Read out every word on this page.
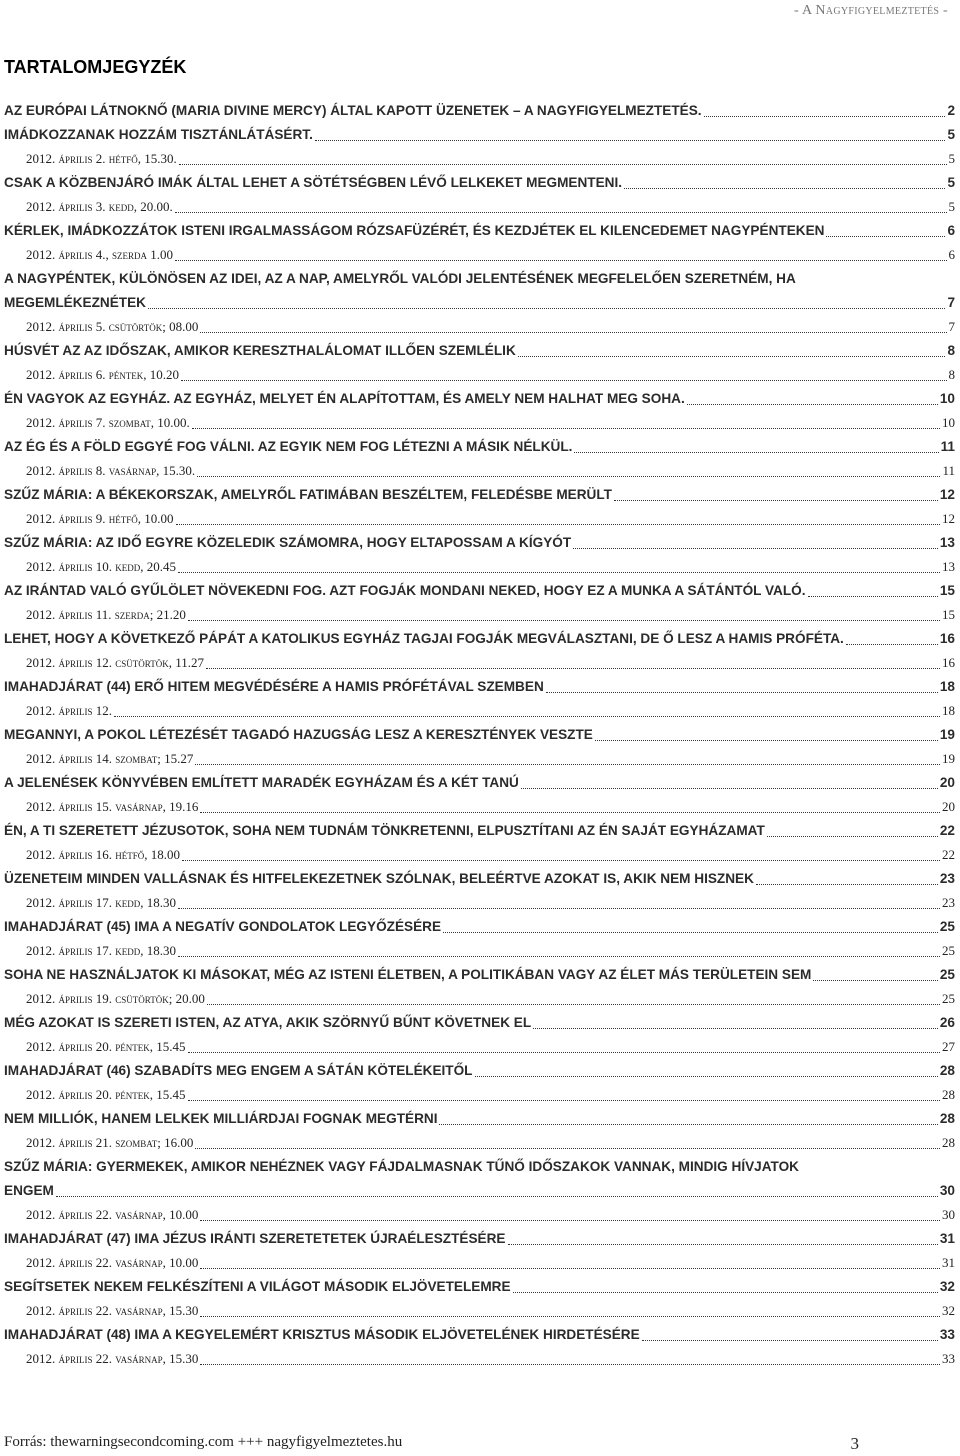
- A Nagyfigyelmeztetés -
TARTALOMJEGYZÉK
AZ EURÓPAI LÁTNOKNŐ (MARIA DIVINE MERCY) ÁLTAL KAPOTT ÜZENETEK – A NAGYFIGYELMEZTETÉS.	2
IMÁDKOZZANAK HOZZÁM TISZTÁNLÁTÁSÉRT.	5
2012. április 2. hétfő, 15.30.	5
CSAK A KÖZBENJÁRÓ IMÁK ÁLTAL LEHET A SÖTÉTSÉGBEN LÉVŐ LELKEKET MEGMENTENI.	5
2012. április 3. kedd, 20.00.	5
KÉRLEK, IMÁDKOZZÁTOK ISTENI IRGALMASSÁGOM RÓZSAFÜZÉRÉT, ÉS KEZDJÉTEK EL KILENCEDEMET NAGYPÉNTEKEN	6
2012. április 4., szerda 1.00	6
A NAGYPÉNTEK, KÜLÖNÖSEN AZ IDEI, AZ A NAP, AMELYRŐL VALÓDI JELENTÉSÉNEK MEGFELELŐEN SZERETNÉM, HA
MEGEMLÉKEZNÉTEK	7
2012. április 5. csütörtök; 08.00	7
HÚSVÉT AZ AZ IDŐSZAK, AMIKOR KERESZTHALÁLOMAT ILLŐEN SZEMLÉLIK	8
2012. április 6. péntek, 10.20	8
ÉN VAGYOK AZ EGYHÁZ. AZ EGYHÁZ, MELYET ÉN ALAPÍTOTTAM, ÉS AMELY NEM HALHAT MEG SOHA.	10
2012. április 7. szombat, 10.00.	10
AZ ÉG ÉS A FÖLD EGGYÉ FOG VÁLNI. AZ EGYIK NEM FOG LÉTEZNI A MÁSIK NÉLKÜL.	11
2012. április 8. vasárnap, 15.30.	11
SZŰZ MÁRIA: A BÉKEKORSZAK, AMELYRŐL FATIMÁBAN BESZÉLTEM, FELEDÉSBE MERÜLT	12
2012. április 9. hétfő, 10.00	12
SZŰZ MÁRIA: AZ IDŐ EGYRE KÖZELEDIK SZÁMOMRA, HOGY ELTAPOSSAM A KÍGYÓT	13
2012. április 10. kedd, 20.45	13
AZ IRÁNTAD VALÓ GYŰLÖLET NÖVEKEDNI FOG. AZT FOGJÁK MONDANI NEKED, HOGY EZ A MUNKA A SÁTÁNTÓL VALÓ.	15
2012. április 11. szerda; 21.20	15
LEHET, HOGY A KÖVETKEZŐ PÁPÁT A KATOLIKUS EGYHÁZ TAGJAI FOGJÁK MEGVÁLASZTANI, DE Ő LESZ A HAMIS PRÓFÉTA.	16
2012. április 12. csütörtök, 11.27	16
IMAHADJÁRAT (44) ERŐ HITEM MEGVÉDÉSÉRE A HAMIS PRÓFÉTÁVAL SZEMBEN	18
2012. április 12.	18
MEGANNYI, A POKOL LÉTEZÉSÉT TAGADÓ HAZUGSÁG LESZ A KERESZTÉNYEK VESZTE	19
2012. április 14. szombat; 15.27	19
A JELENÉSEK KÖNYVÉBEN EMLÍTETT MARADÉK EGYHÁZAM ÉS A KÉT TANÚ	20
2012. április 15. vasárnap, 19.16	20
ÉN, A TI SZERETETT JÉZUSOTOK, SOHA NEM TUDNÁM TÖNKRETENNI, ELPUSZTÍTANI AZ ÉN SAJÁT EGYHÁZAMAT	22
2012. április 16. hétfő, 18.00	22
ÜZENETEIM MINDEN VALLÁSNAK ÉS HITFELEKEZETNEK SZÓLNAK, BELEÉRTVE AZOKAT IS, AKIK NEM HISZNEK	23
2012. április 17. kedd, 18.30	23
IMAHADJÁRAT (45) IMA A NEGATÍV GONDOLATOK LEGYŐZÉSÉRE	25
2012. április 17. kedd, 18.30	25
SOHA NE HASZNÁLJATOK KI MÁSOKAT, MÉG AZ ISTENI ÉLETBEN, A POLITIKÁBAN VAGY AZ ÉLET MÁS TERÜLETEIN SEM	25
2012. április 19. csütörtök; 20.00	25
MÉG AZOKAT IS SZERETI ISTEN, AZ ATYA, AKIK SZÖRNYŰ BŰNT KÖVETNEK EL	26
2012. április 20. péntek, 15.45	27
IMAHADJÁRAT (46) SZABADÍTS MEG ENGEM A SÁTÁN KÖTELÉKEITŐL	28
2012. április 20. péntek, 15.45	28
NEM MILLIÓK, HANEM LELKEK MILLIÁRDJAI FOGNAK MEGTÉRNI	28
2012. április 21. szombat; 16.00	28
SZŰZ MÁRIA: GYERMEKEK, AMIKOR NEHÉZNEK VAGY FÁJDALMASNAK TŰNŐ IDŐSZAKOK VANNAK, MINDIG HÍVJATOK
ENGEM	30
2012. április 22. vasárnap, 10.00	30
IMAHADJÁRAT (47) IMA JÉZUS IRÁNTI SZERETETETEK ÚJRAÉLESZTÉSÉRE	31
2012. április 22. vasárnap, 10.00	31
SEGÍTSETEK NEKEM FELKÉSZÍTENI A VILÁGOT MÁSODIK ELJÖVETELEMRE	32
2012. április 22. vasárnap, 15.30	32
IMAHADJÁRAT (48) IMA A KEGYELEMÉRT KRISZTUS MÁSODIK ELJÖVETELÉNEK HIRDETÉSÉRE	33
2012. április 22. vasárnap, 15.30	33
Forrás: thewarningsecondcoming.com +++ nagyfigyelmeztetes.hu	3
